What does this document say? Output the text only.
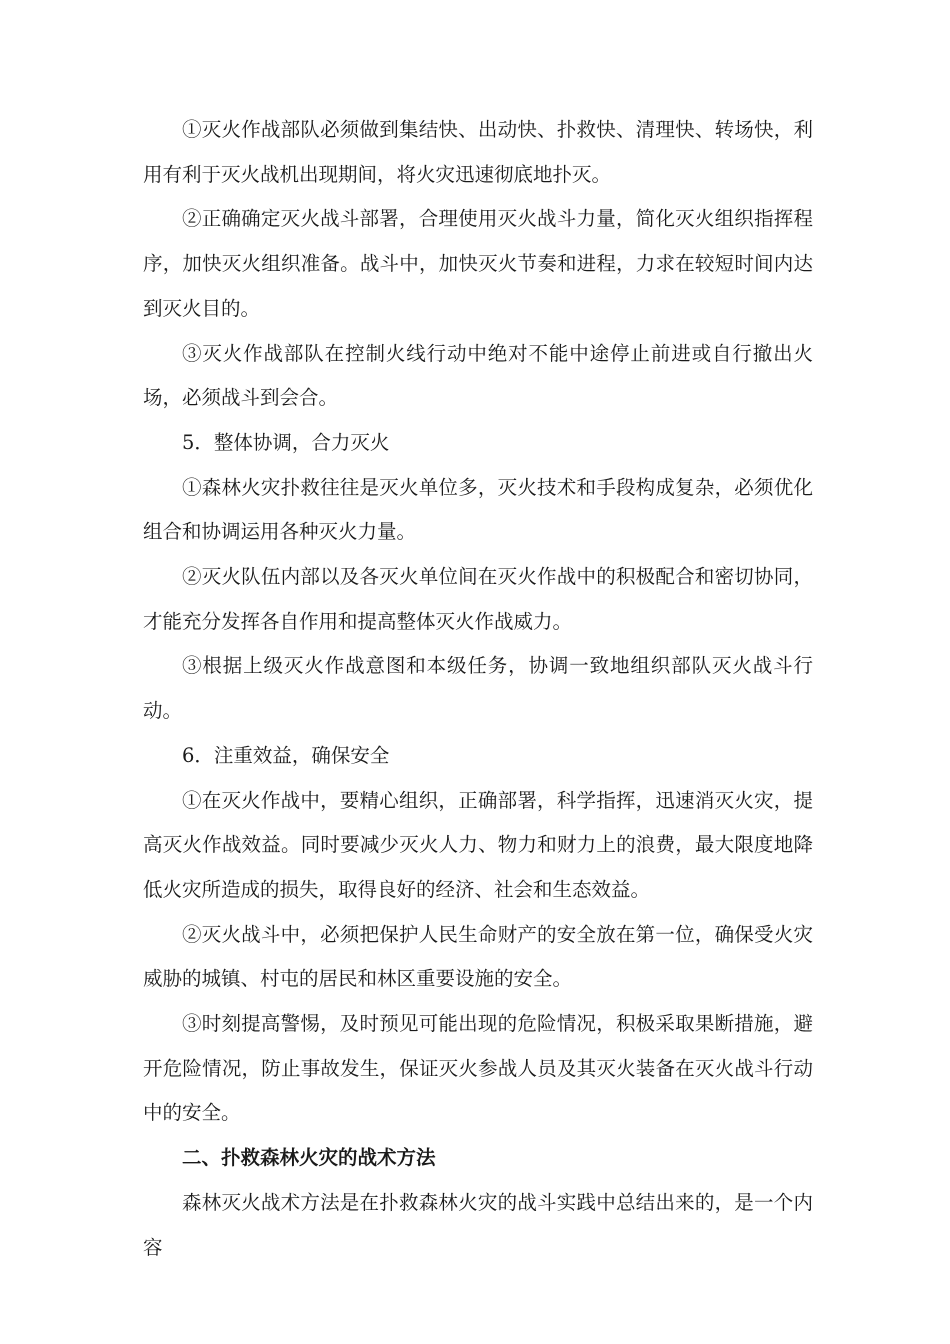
①灭火作战部队必须做到集结快、出动快、扑救快、清理快、转场快，利用有利于灭火战机出现期间，将火灾迅速彻底地扑灭。

②正确确定灭火战斗部署，合理使用灭火战斗力量，简化灭火组织指挥程序，加快灭火组织准备。战斗中，加快灭火节奏和进程，力求在较短时间内达到灭火目的。

③灭火作战部队在控制火线行动中绝对不能中途停止前进或自行撤出火场，必须战斗到会合。

5．整体协调，合力灭火

①森林火灾扑救往往是灭火单位多，灭火技术和手段构成复杂，必须优化组合和协调运用各种灭火力量。

②灭火队伍内部以及各灭火单位间在灭火作战中的积极配合和密切协同，才能充分发挥各自作用和提高整体灭火作战威力。

③根据上级灭火作战意图和本级任务，协调一致地组织部队灭火战斗行动。

6．注重效益，确保安全

①在灭火作战中，要精心组织，正确部署，科学指挥，迅速消灭火灾，提高灭火作战效益。同时要减少灭火人力、物力和财力上的浪费，最大限度地降低火灾所造成的损失，取得良好的经济、社会和生态效益。

②灭火战斗中，必须把保护人民生命财产的安全放在第一位，确保受火灾威胁的城镇、村屯的居民和林区重要设施的安全。

③时刻提高警惕，及时预见可能出现的危险情况，积极采取果断措施，避开危险情况，防止事故发生，保证灭火参战人员及其灭火装备在灭火战斗行动中的安全。

二、扑救森林火灾的战术方法

森林灭火战术方法是在扑救森林火灾的战斗实践中总结出来的，是一个内容
